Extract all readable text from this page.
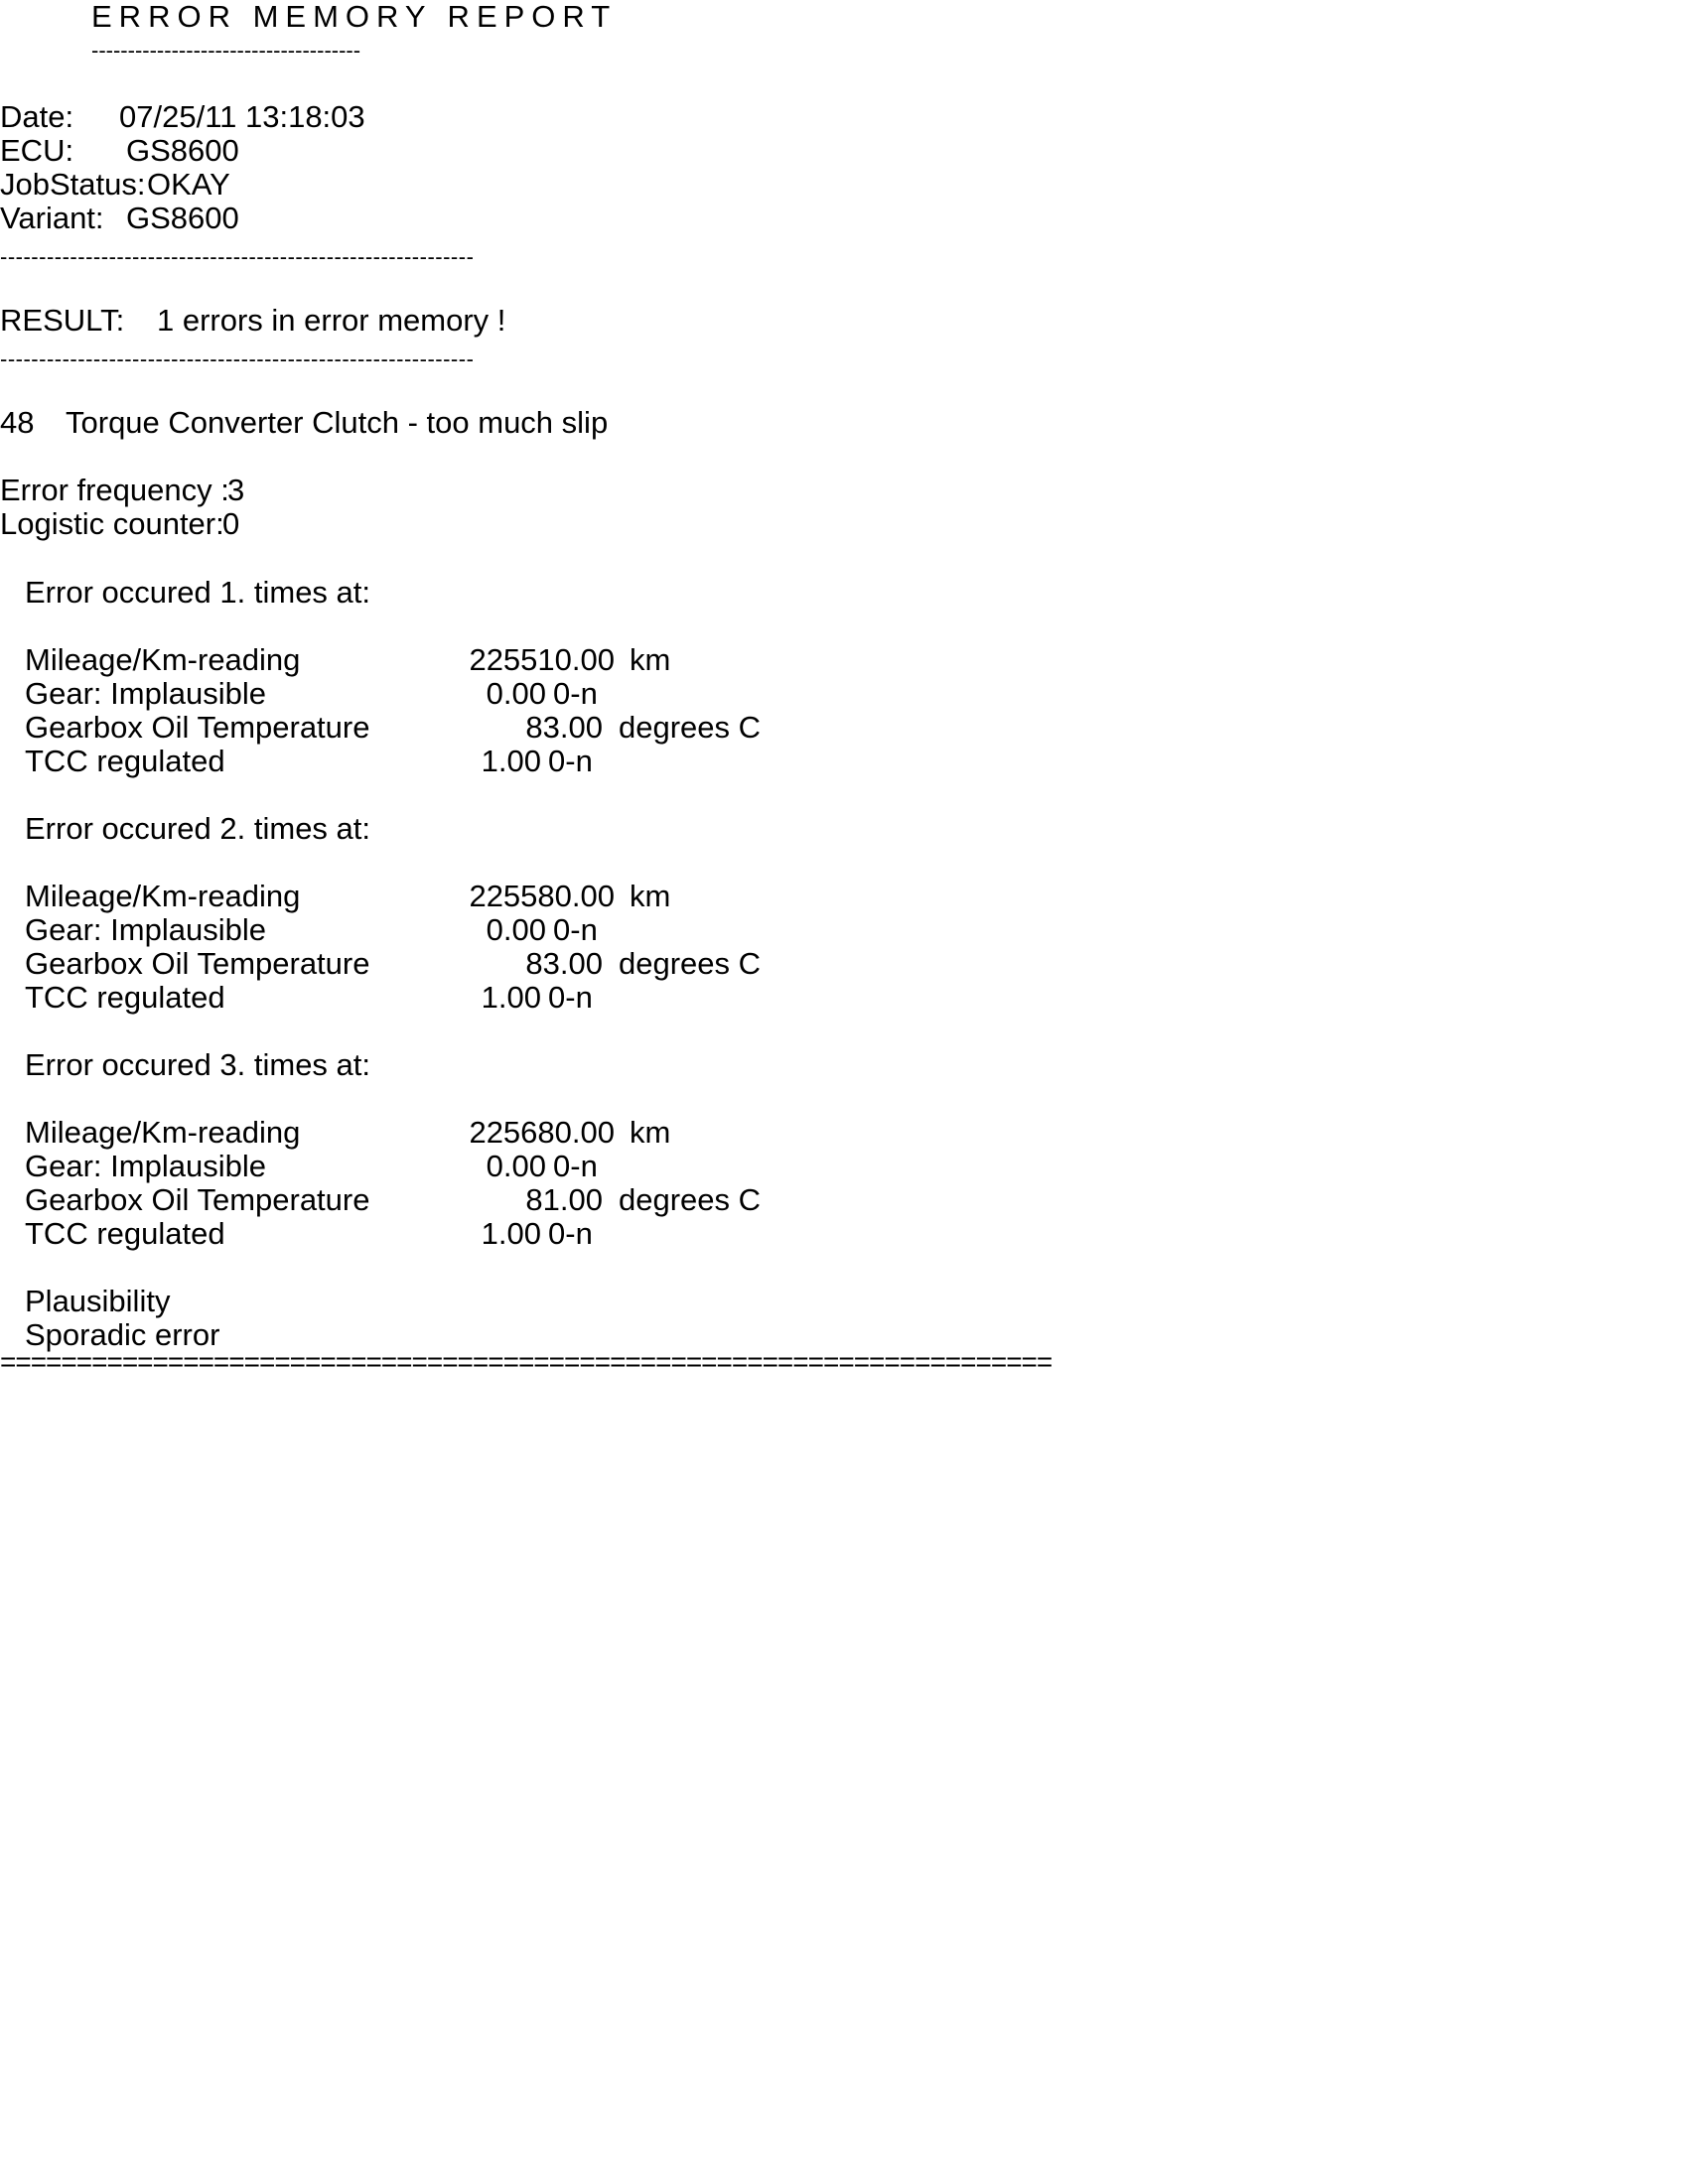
ERROR MEMORY REPORT
-------------------------------------
Date: 07/25/11 13:18:03
ECU: GS8600
JobStatus: OKAY
Variant: GS8600
-------------------------------------------------------------
RESULT: 1 errors in error memory !
-------------------------------------------------------------
48 Torque Converter Clutch - too much slip
Error frequency :
3
Logistic counter:
0
Error occured 1. times at:
Mileage/Km-reading	225510.00 km
Gear: Implausible	0.00 0-n
Gearbox Oil Temperature	83.00 degrees C
TCC regulated	1.00 0-n
Error occured 2. times at:
Mileage/Km-reading	225580.00 km
Gear: Implausible	0.00 0-n
Gearbox Oil Temperature	83.00 degrees C
TCC regulated	1.00 0-n
Error occured 3. times at:
Mileage/Km-reading	225680.00 km
Gear: Implausible	0.00 0-n
Gearbox Oil Temperature	81.00 degrees C
TCC regulated	1.00 0-n
Plausibility
Sporadic error
=====================================================================
